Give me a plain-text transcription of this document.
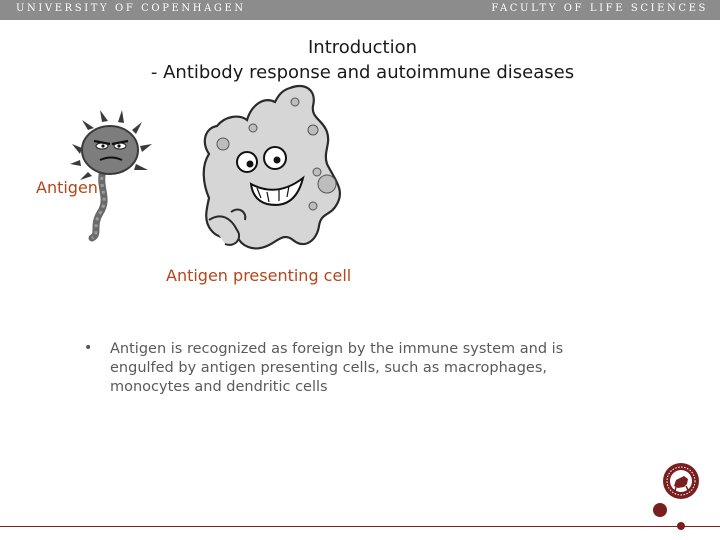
UNIVERSITY OF COPENHAGEN	FACULTY OF LIFE SCIENCES
Introduction
- Antibody response and autoimmune diseases
Antigen
Antigen presenting cell
• Antigen is recognized as foreign by the immune system and is engulfed by antigen presenting cells, such as macrophages, monocytes and dendritic cells
